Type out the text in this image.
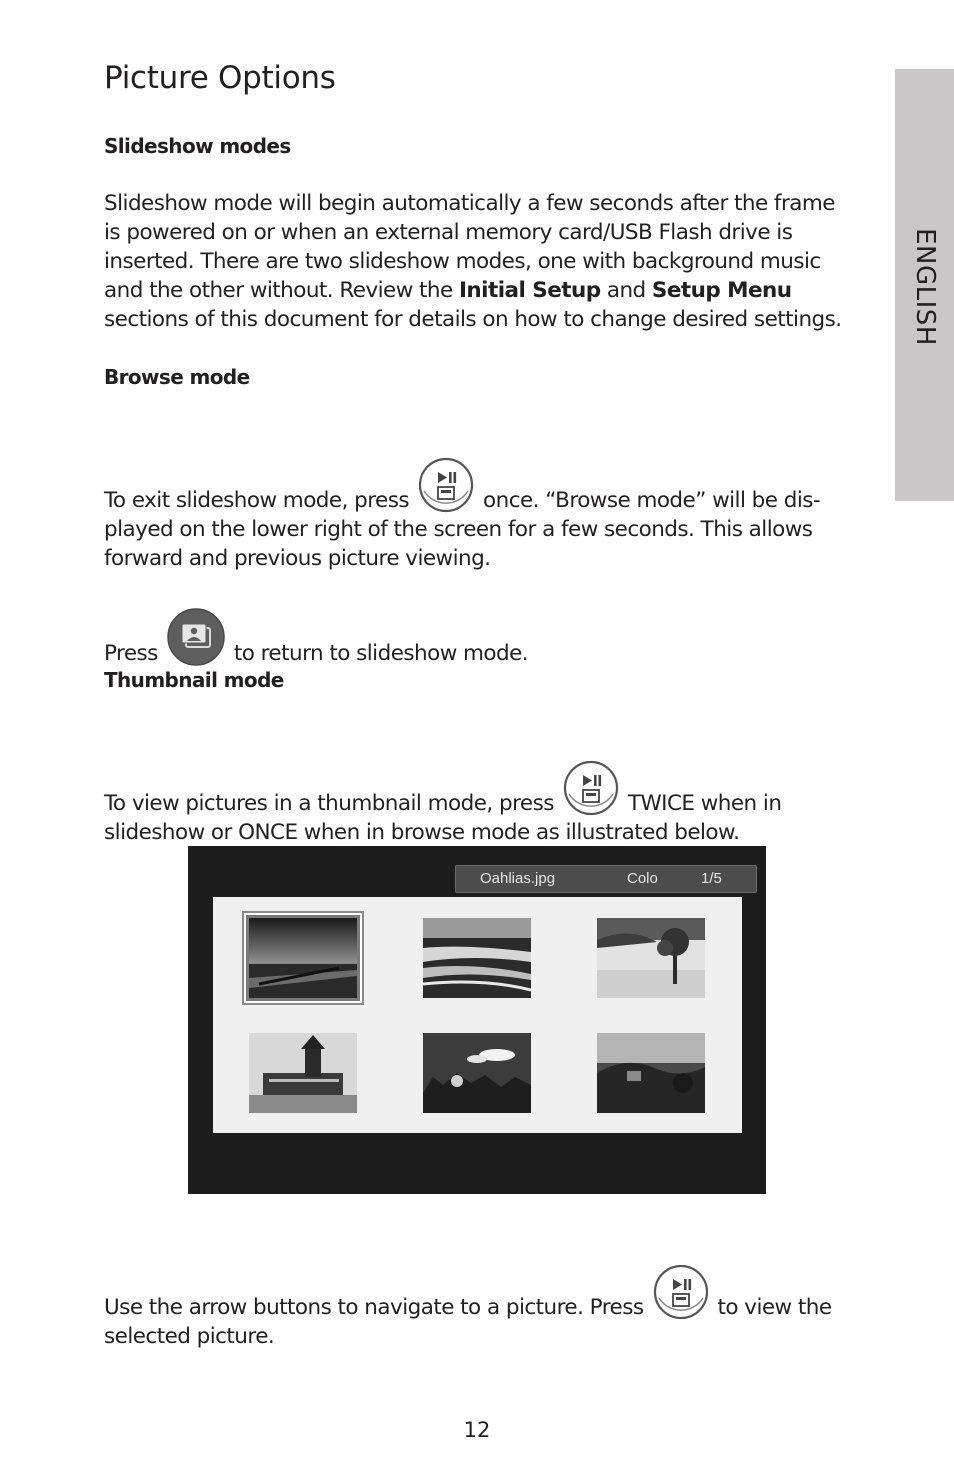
Picture Options
ENGLISH
Slideshow modes

Slideshow mode will begin automatically a few seconds after the frame is powered on or when an external memory card/USB Flash drive is inserted. There are two slideshow modes, one with background music and the other without. Review the Initial Setup and Setup Menu sections of this document for details on how to change desired settings.

Browse mode

To exit slideshow mode, press	once. “Browse mode” will be dis-
played on the lower right of the screen for a few seconds. This allows
forward and previous picture viewing.

Press	to return to slideshow mode.

Thumbnail mode

To view pictures in a thumbnail mode, press	TWICE when in
slideshow or ONCE when in browse mode as illustrated below.

Oahlias.jpg	Colo	1/5

Use the arrow buttons to navigate to a picture. Press	to view the
selected picture.

12
